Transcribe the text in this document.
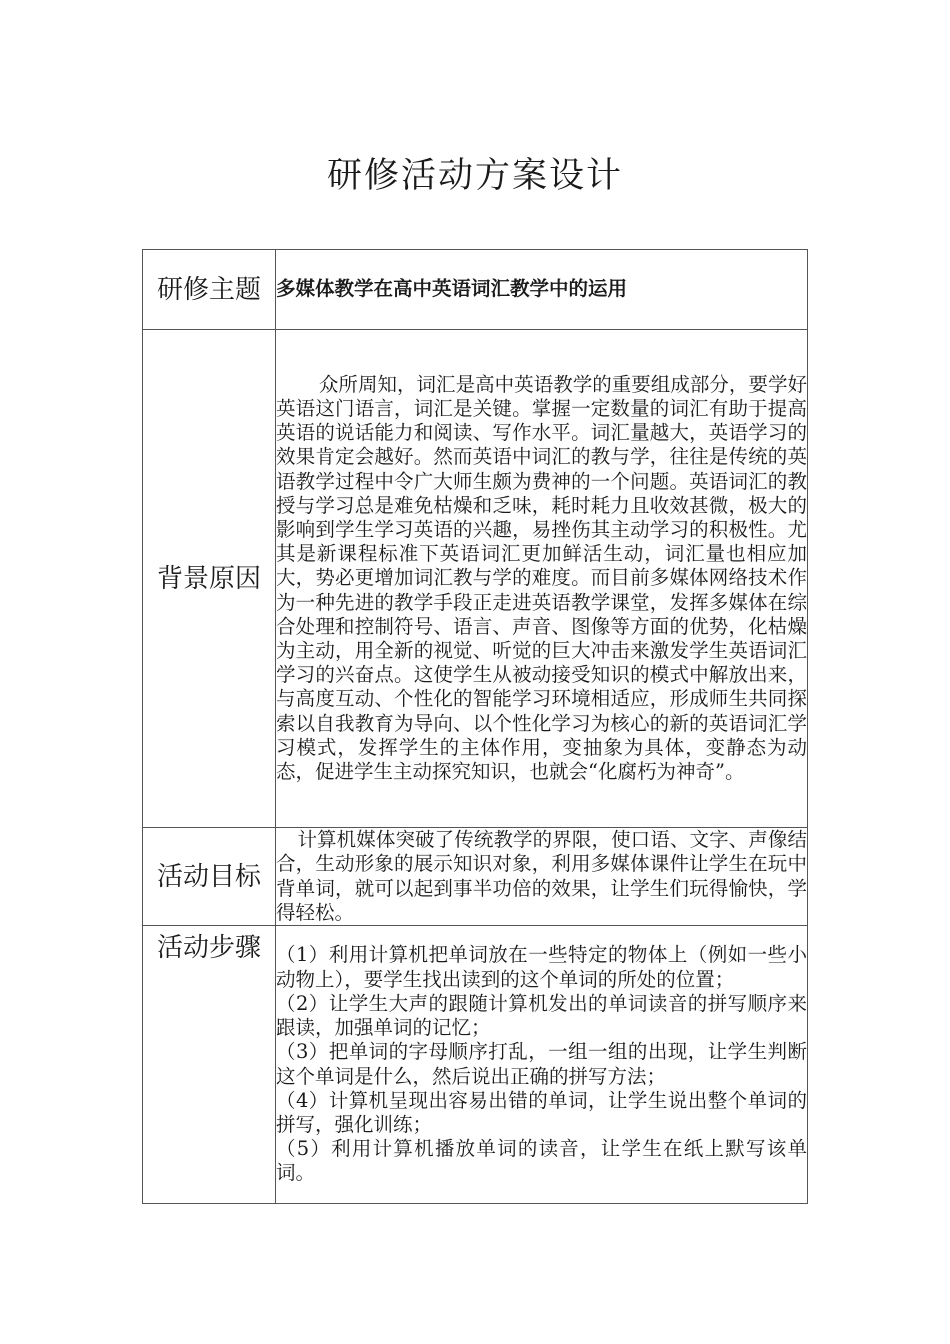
研修活动方案设计
研修主题	多媒体教学在高中英语词汇教学中的运用
背景原因	众所周知，词汇是高中英语教学的重要组成部分，要学好英语这门语言，词汇是关键。掌握一定数量的词汇有助于提高英语的说话能力和阅读、写作水平。词汇量越大，英语学习的效果肯定会越好。然而英语中词汇的教与学，往往是传统的英语教学过程中令广大师生颇为费神的一个问题。英语词汇的教授与学习总是难免枯燥和乏味，耗时耗力且收效甚微，极大的影响到学生学习英语的兴趣，易挫伤其主动学习的积极性。尤其是新课程标准下英语词汇更加鲜活生动，词汇量也相应加大，势必更增加词汇教与学的难度。而目前多媒体网络技术作为一种先进的教学手段正走进英语教学课堂，发挥多媒体在综合处理和控制符号、语言、声音、图像等方面的优势，化枯燥为主动，用全新的视觉、听觉的巨大冲击来激发学生英语词汇学习的兴奋点。这使学生从被动接受知识的模式中解放出来，与高度互动、个性化的智能学习环境相适应，形成师生共同探索以自我教育为导向、以个性化学习为核心的新的英语词汇学习模式，发挥学生的主体作用，变抽象为具体，变静态为动态，促进学生主动探究知识，也就会“化腐朽为神奇”。
活动目标	计算机媒体突破了传统教学的界限，使口语、文字、声像结合，生动形象的展示知识对象，利用多媒体课件让学生在玩中背单词，就可以起到事半功倍的效果，让学生们玩得愉快，学得轻松。
活动步骤	（1）利用计算机把单词放在一些特定的物体上（例如一些小动物上），要学生找出读到的这个单词的所处的位置；
（2）让学生大声的跟随计算机发出的单词读音的拼写顺序来跟读，加强单词的记忆；
（3）把单词的字母顺序打乱，一组一组的出现，让学生判断这个单词是什么，然后说出正确的拼写方法；
（4）计算机呈现出容易出错的单词，让学生说出整个单词的拼写，强化训练；
（5）利用计算机播放单词的读音，让学生在纸上默写该单词。
